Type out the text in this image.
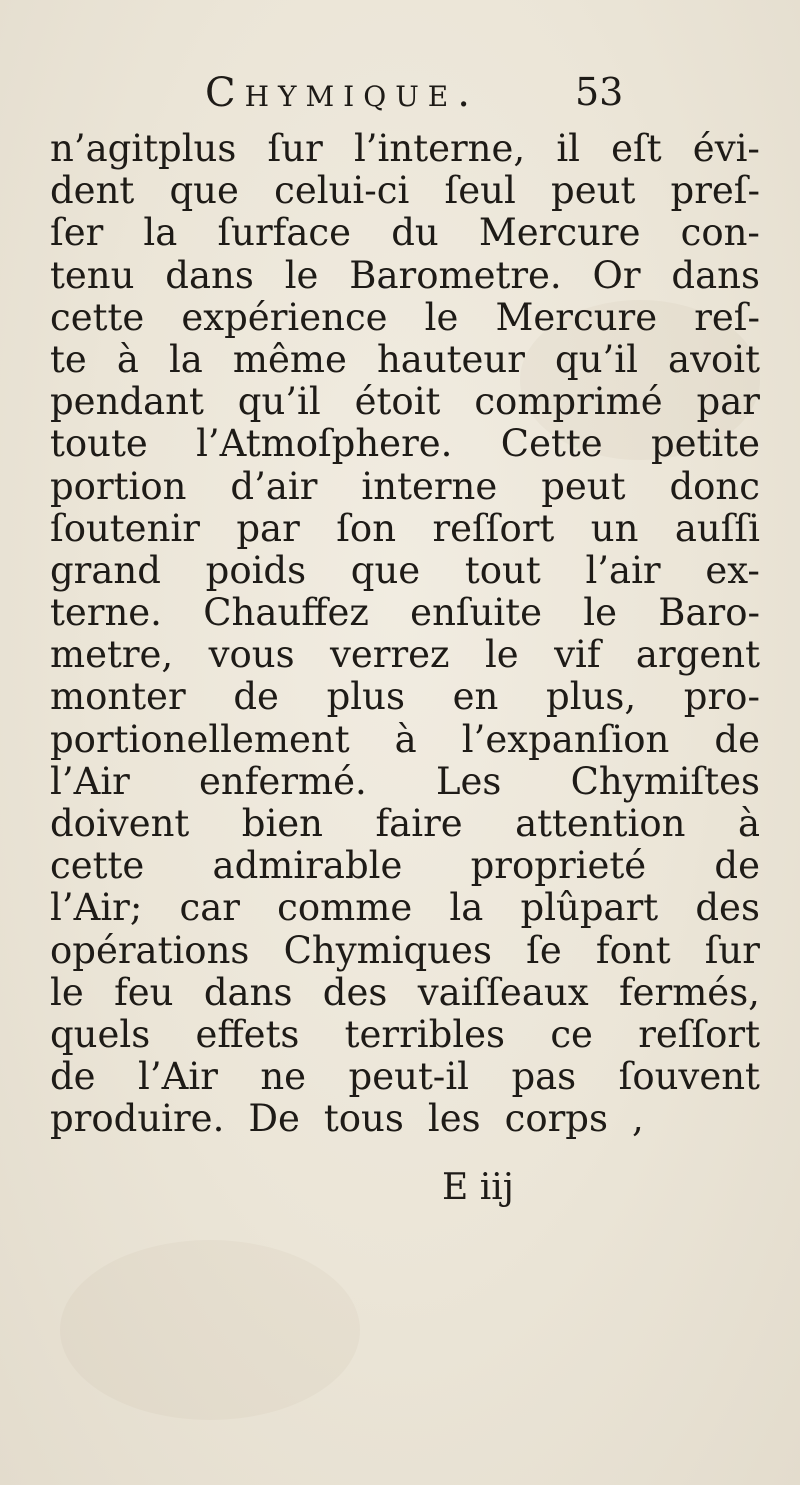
Chymique.	53
n’agitplus ſur l’interne, il eſt évi-
dent que celui-ci ſeul peut preſ-
ſer la ſurface du Mercure con-
tenu dans le Barometre. Or dans
cette expérience le Mercure reſ-
te à la même hauteur qu’il avoit
pendant qu’il étoit comprimé par
toute l’Atmoſphere. Cette petite
portion d’air interne peut donc
ſoutenir par ſon reſſort un auſſi
grand poids que tout l’air ex-
terne. Chauffez enſuite le Baro-
metre, vous verrez le vif argent
monter de plus en plus, pro-
portionellement à l’expanſion de
l’Air enfermé. Les Chymiſtes
doivent bien faire attention à
cette admirable proprieté de
l’Air; car comme la plûpart des
opérations Chymiques ſe font ſur
le feu dans des vaiſſeaux fermés,
quels effets terribles ce reſſort
de l’Air ne peut-il pas ſouvent
produire. De tous les corps ,
E iij
